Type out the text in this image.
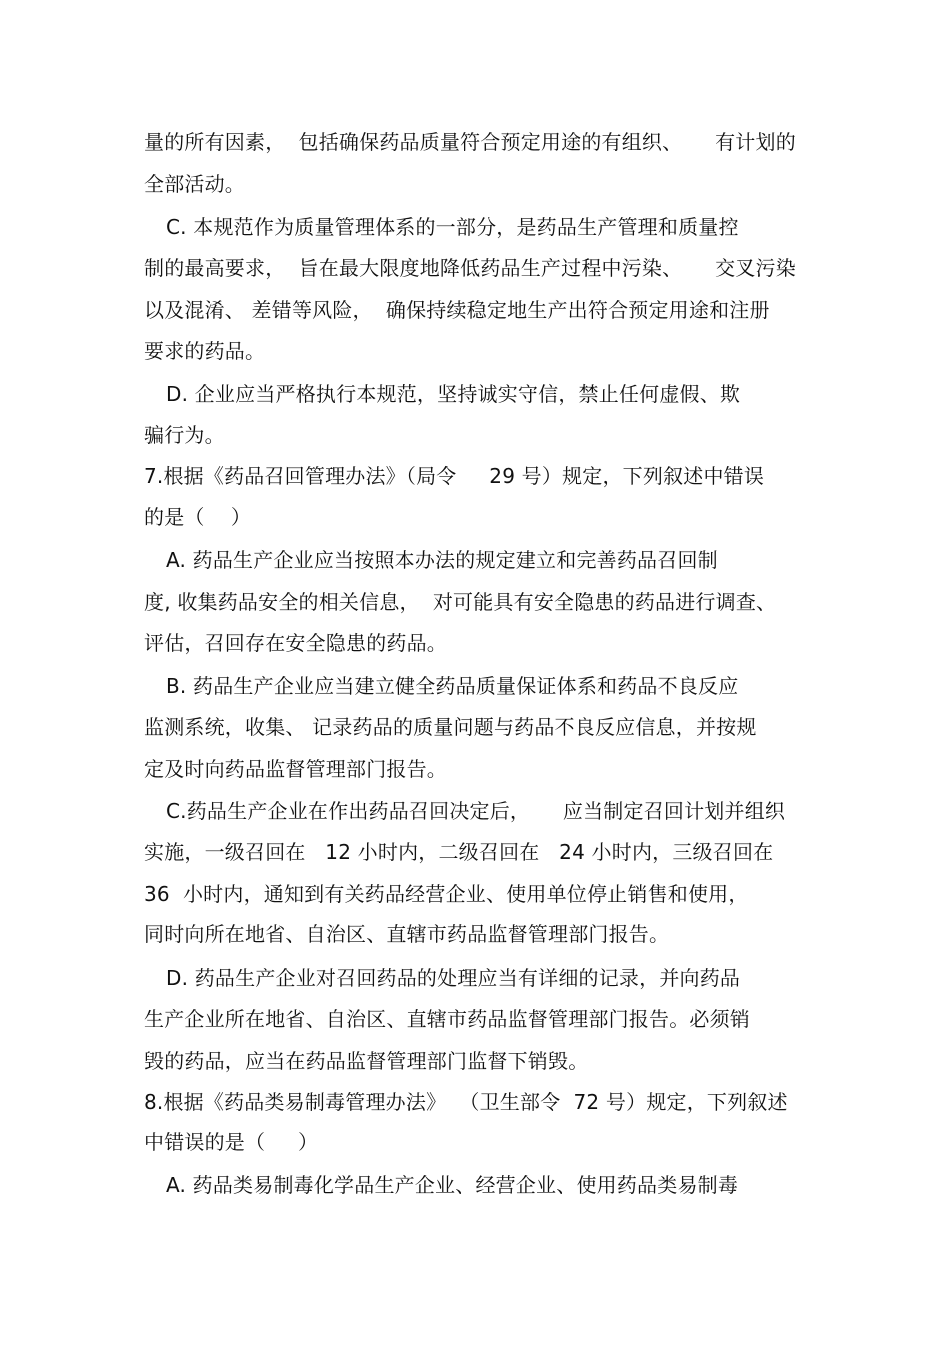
量的所有因素，  包括确保药品质量符合预定用途的有组织、     有计划的
全部活动。
C. 本规范作为质量管理体系的一部分，是药品生产管理和质量控
制的最高要求，  旨在最大限度地降低药品生产过程中污染、     交叉污染
以及混淆、 差错等风险，  确保持续稳定地生产出符合预定用途和注册
要求的药品。
D. 企业应当严格执行本规范，坚持诚实守信，禁止任何虚假、欺
骗行为。
7.根据《药品召回管理办法》（局令     29 号）规定，下列叙述中错误
的是（    ）
A. 药品生产企业应当按照本办法的规定建立和完善药品召回制
度, 收集药品安全的相关信息，  对可能具有安全隐患的药品进行调查、
评估，召回存在安全隐患的药品。
B. 药品生产企业应当建立健全药品质量保证体系和药品不良反应
监测系统，收集、 记录药品的质量问题与药品不良反应信息，并按规
定及时向药品监督管理部门报告。
C.药品生产企业在作出药品召回决定后，     应当制定召回计划并组织
实施，一级召回在   12 小时内，二级召回在   24 小时内，三级召回在
36  小时内，通知到有关药品经营企业、使用单位停止销售和使用，
同时向所在地省、自治区、直辖市药品监督管理部门报告。
D. 药品生产企业对召回药品的处理应当有详细的记录，并向药品
生产企业所在地省、自治区、直辖市药品监督管理部门报告。必须销
毁的药品，应当在药品监督管理部门监督下销毁。
8.根据《药品类易制毒管理办法》  （卫生部令  72 号）规定，下列叙述
中错误的是（     ）
A. 药品类易制毒化学品生产企业、经营企业、使用药品类易制毒
